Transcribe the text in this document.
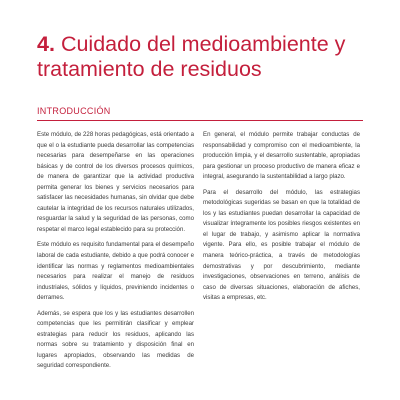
4. Cuidado del medioambiente y tratamiento de residuos
INTRODUCCIÓN

Este módulo, de 228 horas pedagógicas, está orientado a que el o la estudiante pueda desarrollar las competencias necesarias para desempeñarse en las operaciones básicas y de control de los diversos procesos químicos, de manera de garantizar que la actividad productiva permita generar los bienes y servicios necesarios para satisfacer las necesidades humanas, sin olvidar que debe cautelar la integridad de los recursos naturales utilizados, resguardar la salud y la seguridad de las personas, como respetar el marco legal establecido para su protección.

Este módulo es requisito fundamental para el desempeño laboral de cada estudiante, debido a que podrá conocer e identificar las normas y reglamentos medioambientales necesarios para realizar el manejo de residuos industriales, sólidos y líquidos, previniendo incidentes o derrames.

Además, se espera que los y las estudiantes desarrollen competencias que les permitirán clasificar y emplear estrategias para reducir los residuos, aplicando las normas sobre su tratamiento y disposición final en lugares apropiados, observando las medidas de seguridad correspondiente.

En general, el módulo permite trabajar conductas de responsabilidad y compromiso con el medioambiente, la producción limpia, y el desarrollo sustentable, apropiadas para gestionar un proceso productivo de manera eficaz e integral, asegurando la sustentabilidad a largo plazo.

Para el desarrollo del módulo, las estrategias metodológicas sugeridas se basan en que la totalidad de los y las estudiantes puedan desarrollar la capacidad de visualizar íntegramente los posibles riesgos existentes en el lugar de trabajo, y asimismo aplicar la normativa vigente. Para ello, es posible trabajar el módulo de manera teórico-práctica, a través de metodologías demostrativas y por descubrimiento, mediante investigaciones, observaciones en terreno, análisis de caso de diversas situaciones, elaboración de afiches, visitas a empresas, etc.
